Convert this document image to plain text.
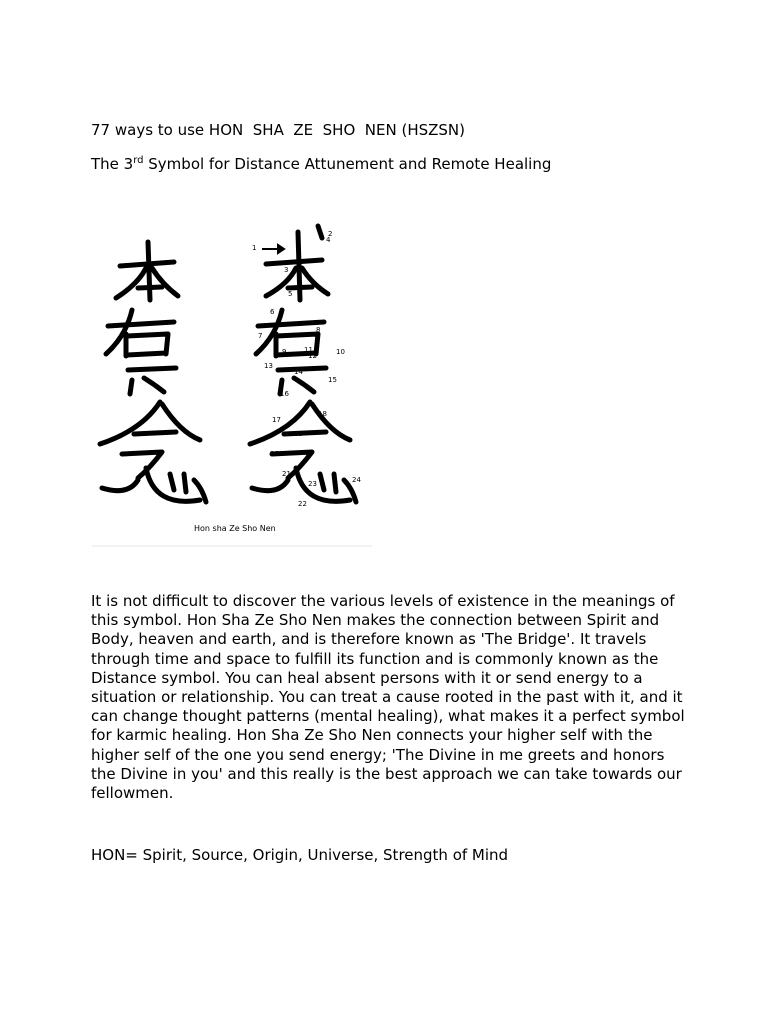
77 ways to use HON  SHA  ZE  SHO  NEN (HSZSN)

The 3rd Symbol for Distance Attunement and Remote Healing

1
2
3
4
5
6
7
8
9	10
11
12
13
14
15
16
17
18
19
20
21
22
23	24
Hon sha Ze Sho Nen

It is not difficult to discover the various levels of existence in the meanings of this symbol. Hon Sha Ze Sho Nen makes the connection between Spirit and Body, heaven and earth, and is therefore known as 'The Bridge'. It travels through time and space to fulfill its function and is commonly known as the Distance symbol. You can heal absent persons with it or send energy to a situation or relationship. You can treat a cause rooted in the past with it, and it can change thought patterns (mental healing), what makes it a perfect symbol for karmic healing. Hon Sha Ze Sho Nen connects your higher self with the higher self of the one you send energy; 'The Divine in me greets and honors the Divine in you' and this really is the best approach we can take towards our fellowmen.

HON= Spirit, Source, Origin, Universe, Strength of Mind
